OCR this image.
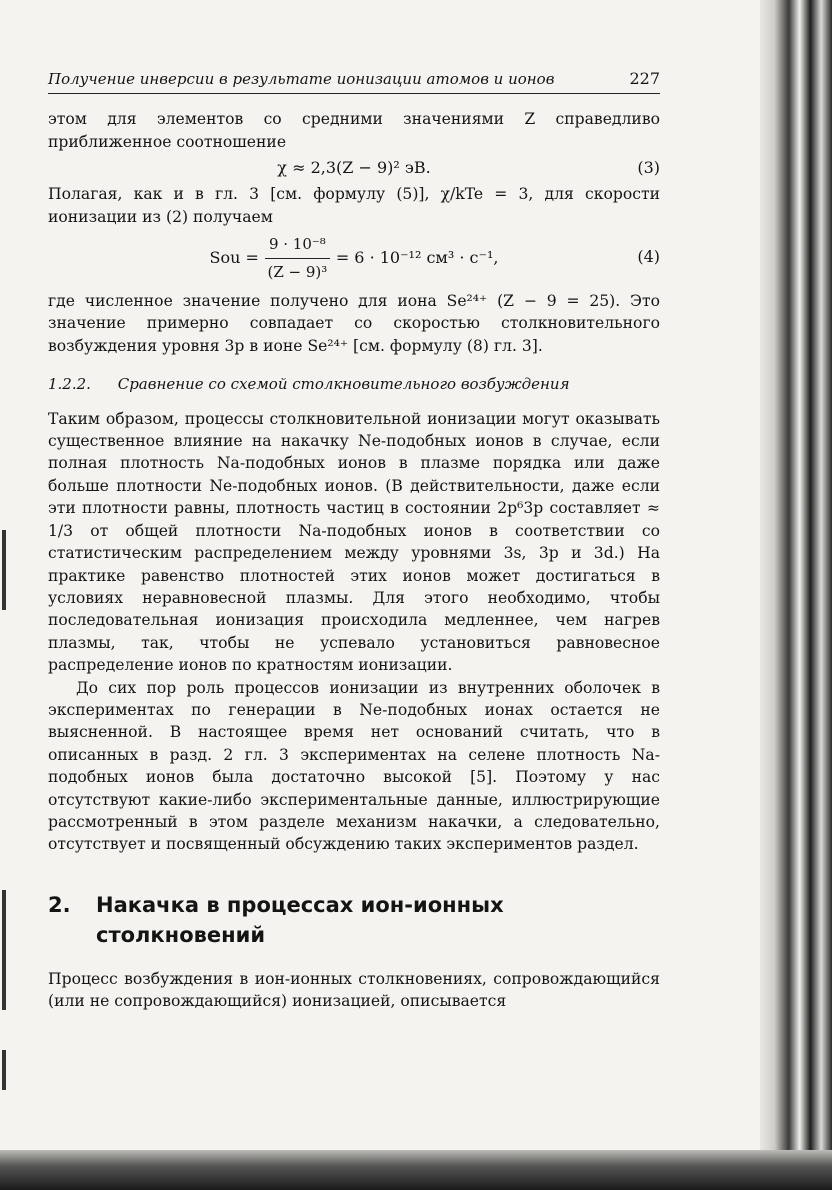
Получение инверсии в результате ионизации атомов и ионов	227

этом для элементов со средними значениями Z справедливо приближенное соотношение

χ ≈ 2,3(Z − 9)² эВ.	(3)

Полагая, как и в гл. 3 [см. формулу (5)], χ/kTe = 3, для скорости ионизации из (2) получаем

Sou = $\frac{\text{9 · 10⁻⁸}}{\text{(Z − 9)³}} = 6 \cdot 10^{-12}$ см³ · с⁻¹,	(4)

где численное значение получено для иона Se²⁴⁺ (Z − 9 = 25). Это значение примерно совпадает со скоростью столкновительного возбуждения уровня 3р в ионе Se²⁴⁺ [см. формулу (8) гл. 3].

1.2.2. Сравнение со схемой столкновительного возбуждения

Таким образом, процессы столкновительной ионизации могут оказывать существенное влияние на накачку Ne-подобных ионов в случае, если полная плотность Na-подобных ионов в плазме порядка или даже больше плотности Ne-подобных ионов. (В действительности, даже если эти плотности равны, плотность частиц в состоянии 2p⁶3p составляет ≈ 1/3 от общей плотности Na-подобных ионов в соответствии со статистическим распределением между уровнями 3s, 3p и 3d.) На практике равенство плотностей этих ионов может достигаться в условиях неравновесной плазмы. Для этого необходимо, чтобы последовательная ионизация происходила медленнее, чем нагрев плазмы, так, чтобы не успевало установиться равновесное распределение ионов по кратностям ионизации.

До сих пор роль процессов ионизации из внутренних оболочек в экспериментах по генерации в Ne-подобных ионах остается не выясненной. В настоящее время нет оснований считать, что в описанных в разд. 2 гл. 3 экспериментах на селене плотность Na-подобных ионов была достаточно высокой [5]. Поэтому у нас отсутствуют какие-либо экспериментальные данные, иллюстрирующие рассмотренный в этом разделе механизм накачки, а следовательно, отсутствует и посвященный обсуждению таких экспериментов раздел.

2.	Накачка в процессах ион-ионных столкновений

Процесс возбуждения в ион-ионных столкновениях, сопровождающийся (или не сопровождающийся) ионизацией, описывается
